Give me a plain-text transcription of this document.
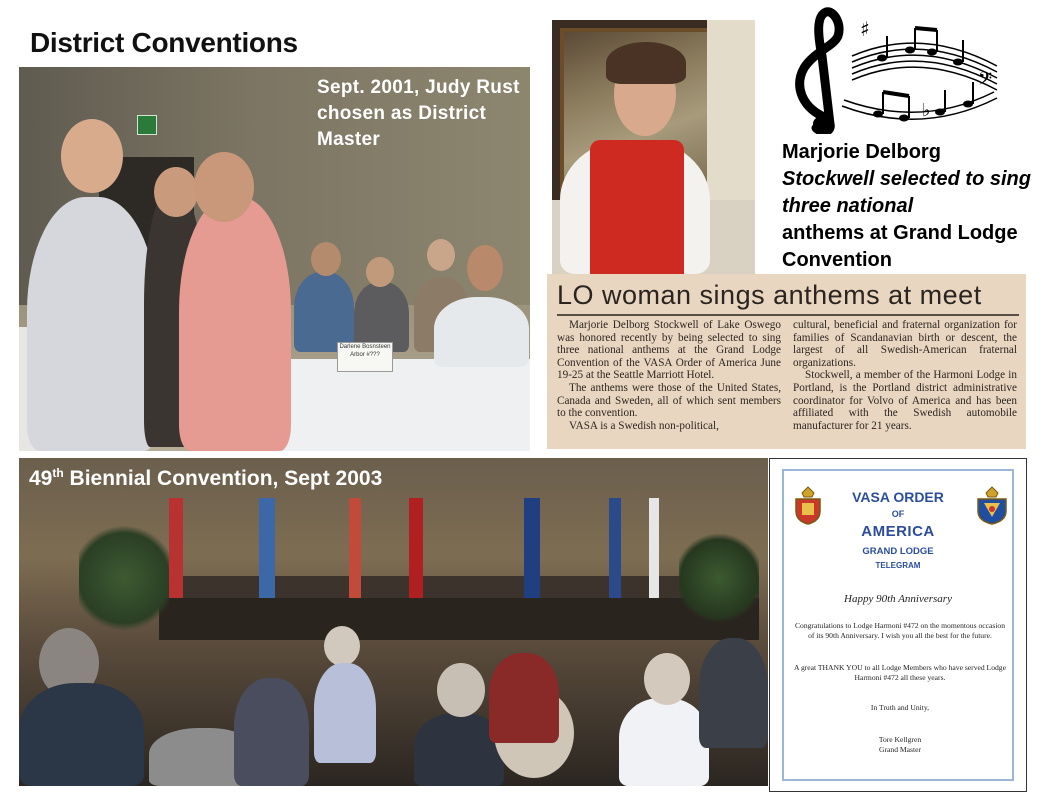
District Conventions
Darlene Bosnsteen Arbor #???
Sept. 2001, Judy Rust chosen as District Master
♯
♭
𝄢
Marjorie Delborg
Stockwell selected to sing three national
anthems at Grand Lodge Convention
LO woman sings anthems at meet

Marjorie Delborg Stockwell of Lake Oswego was honored recently by being selected to sing three national anthems at the Grand Lodge Convention of the VASA Order of America June 19-25 at the Seattle Marriott Hotel.

The anthems were those of the United States, Canada and Sweden, all of which sent members to the convention.

VASA is a Swedish non-political,

cultural, beneficial and fraternal organization for families of Scandanavian birth or descent, the largest of all Swedish-American fraternal organizations.

Stockwell, a member of the Harmoni Lodge in Portland, is the Portland district administrative coordinator for Volvo of America and has been affiliated with the Swedish automobile manufacturer for 21 years.

49th Biennial Convention, Sept 2003
VASA ORDER
OF
AMERICA
GRAND LODGE
TELEGRAM
Happy 90th Anniversary
Congratulations to Lodge Harmoni #472 on the momentous occasion of its 90th Anniversary. I wish you all the best for the future.
A great THANK YOU to all Lodge Members who have served Lodge Harmoni #472 all these years.
In Truth and Unity,
Tore Kellgren
Grand Master
